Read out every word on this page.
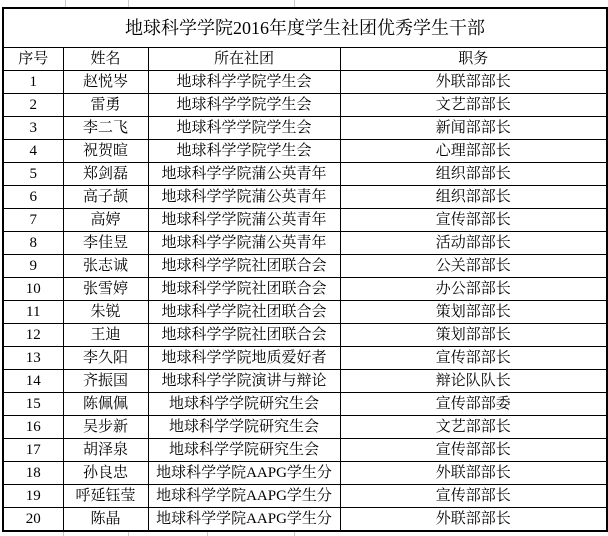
地球科学学院2016年度学生社团优秀学生干部			
序号	姓名	所在社团	职务
1	赵悦岑	地球科学学院学生会	外联部部长
2	雷勇	地球科学学院学生会	文艺部部长
3	李二飞	地球科学学院学生会	新闻部部长
4	祝贺暄	地球科学学院学生会	心理部部长
5	郑剑磊	地球科学学院蒲公英青年	组织部部长
6	高子颉	地球科学学院蒲公英青年	组织部部长
7	高婷	地球科学学院蒲公英青年	宣传部部长
8	李佳昱	地球科学学院蒲公英青年	活动部部长
9	张志诚	地球科学学院社团联合会	公关部部长
10	张雪婷	地球科学学院社团联合会	办公部部长
11	朱锐	地球科学学院社团联合会	策划部部长
12	王迪	地球科学学院社团联合会	策划部部长
13	李久阳	地球科学学院地质爱好者	宣传部部长
14	齐振国	地球科学学院演讲与辩论	辩论队队长
15	陈佩佩	地球科学学院研究生会	宣传部部委
16	吴步新	地球科学学院研究生会	文艺部部长
17	胡泽泉	地球科学学院研究生会	宣传部部长
18	孙良忠	地球科学学院AAPG学生分	外联部部长
19	呼延钰莹	地球科学学院AAPG学生分	宣传部部长
20	陈晶	地球科学学院AAPG学生分	外联部部长
